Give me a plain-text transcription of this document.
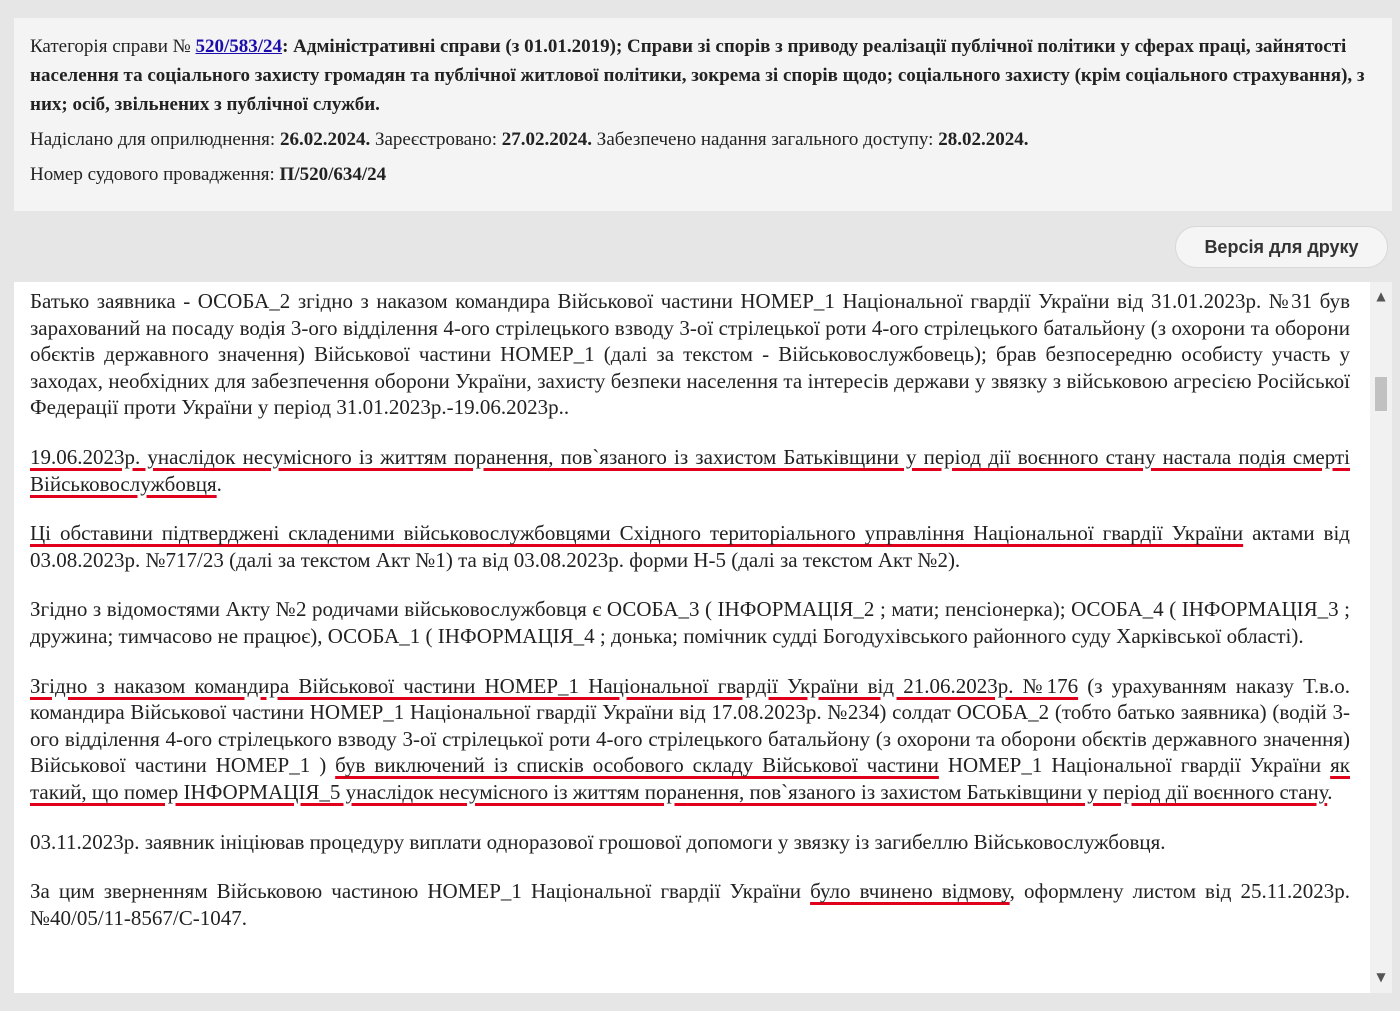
Категорія справи № 520/583/24: Адміністративні справи (з 01.01.2019); Справи зі спорів з приводу реалізації публічної політики у сферах праці, зайнятості населення та соціального захисту громадян та публічної житлової політики, зокрема зі спорів щодо; соціального захисту (крім соціального страхування), з них; осіб, звільнених з публічної служби.

Надіслано для оприлюднення: 26.02.2024. Зареєстровано: 27.02.2024. Забезпечено надання загального доступу: 28.02.2024.

Номер судового провадження: П/520/634/24

Версія для друку

Батько заявника - ОСОБА_2 згідно з наказом командира Військової частини НОМЕР_1 Національної гвардії України від 31.01.2023р. №31 був зарахований на посаду водія 3-ого відділення 4-ого стрілецького взводу 3-ої стрілецької роти 4-ого стрілецького батальйону (з охорони та оборони обєктів державного значення) Військової частини НОМЕР_1 (далі за текстом - Військовослужбовець); брав безпосередню особисту участь у заходах, необхідних для забезпечення оборони України, захисту безпеки населення та інтересів держави у звязку з військовою агресією Російської Федерації проти України у період 31.01.2023р.-19.06.2023р..

19.06.2023р. унаслідок несумісного із життям поранення, пов`язаного із захистом Батьківщини у період дії воєнного стану настала подія смерті Військовослужбовця.

Ці обставини підтверджені складеними військовослужбовцями Східного територіального управління Національної гвардії України актами від 03.08.2023р. №717/23 (далі за текстом Акт №1) та від 03.08.2023р. форми Н-5 (далі за текстом Акт №2).

Згідно з відомостями Акту №2 родичами військовослужбовця є ОСОБА_3 ( ІНФОРМАЦІЯ_2 ; мати; пенсіонерка); ОСОБА_4 ( ІНФОРМАЦІЯ_3 ; дружина; тимчасово не працює), ОСОБА_1 ( ІНФОРМАЦІЯ_4 ; донька; помічник судді Богодухівського районного суду Харківської області).

Згідно з наказом командира Військової частини НОМЕР_1 Національної гвардії України від 21.06.2023р. №176 (з урахуванням наказу Т.в.о. командира Військової частини НОМЕР_1 Національної гвардії України від 17.08.2023р. №234) солдат ОСОБА_2 (тобто батько заявника) (водій 3-ого відділення 4-ого стрілецького взводу 3-ої стрілецької роти 4-ого стрілецького батальйону (з охорони та оборони обєктів державного значення) Військової частини НОМЕР_1 ) був виключений із списків особового складу Військової частини НОМЕР_1 Національної гвардії України як такий, що помер ІНФОРМАЦІЯ_5 унаслідок несумісного із життям поранення, пов`язаного із захистом Батьківщини у період дії воєнного стану.

03.11.2023р. заявник ініціював процедуру виплати одноразової грошової допомоги у звязку із загибеллю Військовослужбовця.

За цим зверненням Військовою частиною НОМЕР_1 Національної гвардії України було вчинено відмову, оформлену листом від 25.11.2023р. №40/05/11-8567/С-1047.

▲
▼
